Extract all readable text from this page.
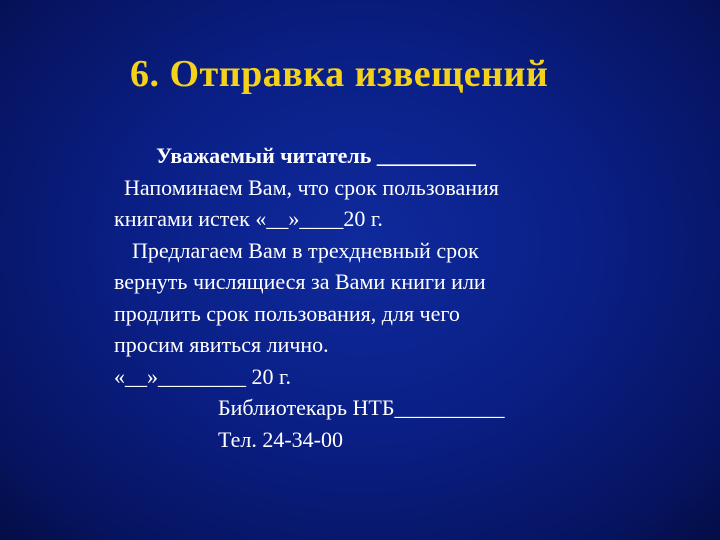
6. Отправка извещений
Уважаемый читатель _________
Напоминаем Вам, что срок пользования
книгами истек «__»____20 г.
Предлагаем Вам в трехдневный срок
вернуть числящиеся за Вами книги или
продлить срок пользования, для чего
просим явиться лично.
«__»________ 20 г.
Библиотекарь НТБ__________
Тел. 24-34-00
